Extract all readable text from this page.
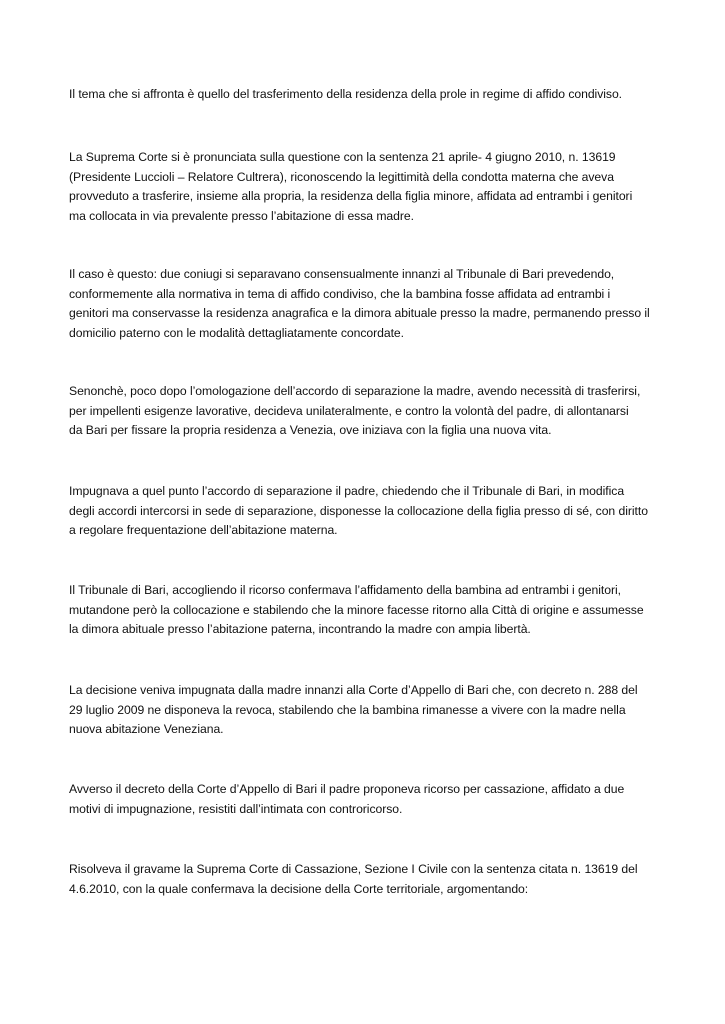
Il tema che si affronta è quello del trasferimento della residenza della prole in regime di affido condiviso.

La Suprema Corte si è pronunciata sulla questione con la sentenza 21 aprile- 4 giugno 2010, n. 13619
(Presidente Luccioli – Relatore Cultrera), riconoscendo la legittimità della condotta materna che aveva
provveduto a trasferire, insieme alla propria, la residenza della figlia minore, affidata ad entrambi i genitori
ma collocata in via prevalente presso l’abitazione di essa madre.

Il caso è questo: due coniugi si separavano consensualmente innanzi al Tribunale di Bari prevedendo,
conformemente alla normativa in tema di affido condiviso, che la bambina fosse affidata ad entrambi i
genitori ma conservasse la residenza anagrafica e la dimora abituale presso la madre, permanendo presso il
domicilio paterno con le modalità dettagliatamente concordate.

Senonchè, poco dopo l’omologazione dell’accordo di separazione la madre, avendo necessità di trasferirsi,
per impellenti esigenze lavorative, decideva unilateralmente, e contro la volontà del padre, di allontanarsi
da Bari per fissare la propria residenza a Venezia, ove iniziava con la figlia una nuova vita.

Impugnava a quel punto l’accordo di separazione il padre, chiedendo che il Tribunale di Bari, in modifica
degli accordi intercorsi in sede di separazione, disponesse la collocazione della figlia presso di sé, con diritto
a regolare frequentazione dell’abitazione materna.

Il Tribunale di Bari, accogliendo il ricorso confermava l’affidamento della bambina ad entrambi i genitori,
mutandone però la collocazione e stabilendo che la minore facesse ritorno alla Città di origine e assumesse
la dimora abituale presso l’abitazione paterna, incontrando la madre con ampia libertà.

La decisione veniva impugnata dalla madre innanzi alla Corte d’Appello di Bari che, con decreto n. 288 del
29 luglio 2009 ne disponeva la revoca, stabilendo che la bambina rimanesse a vivere con la madre nella
nuova abitazione Veneziana.

Avverso il decreto della Corte d’Appello di Bari il padre proponeva ricorso per cassazione, affidato a due
motivi di impugnazione, resistiti dall’intimata con controricorso.

Risolveva il gravame la Suprema Corte di Cassazione, Sezione I Civile con la sentenza citata n. 13619 del
4.6.2010, con la quale confermava la decisione della Corte territoriale, argomentando:
